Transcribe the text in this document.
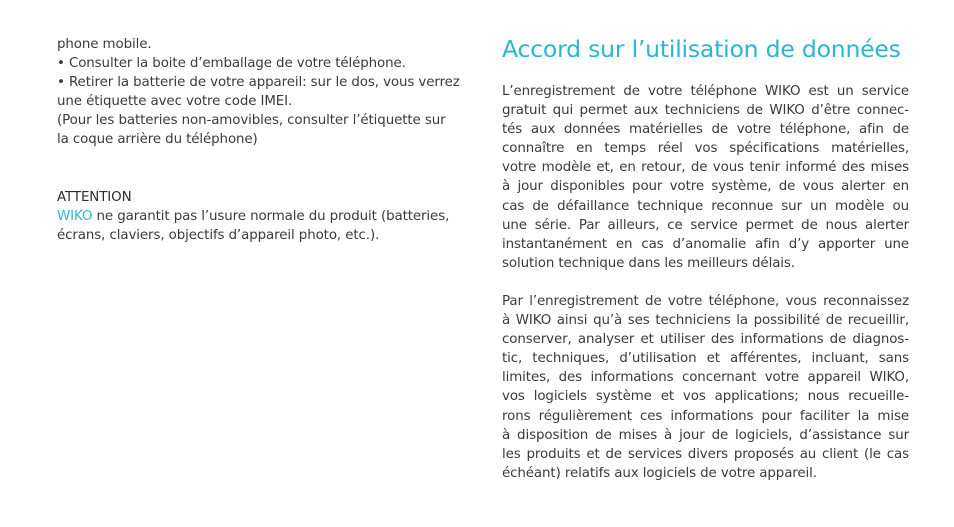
phone mobile.
• Consulter la boite d’emballage de votre téléphone.
• Retirer la batterie de votre appareil: sur le dos, vous verrez
une étiquette avec votre code IMEI.
(Pour les batteries non-amovibles, consulter l’étiquette sur
la coque arrière du téléphone)
ATTENTION
WIKO ne garantit pas l’usure normale du produit (batteries,
écrans, claviers, objectifs d’appareil photo, etc.).
Accord sur l’utilisation de données
L’enregistrement de votre téléphone WIKO est un service
gratuit qui permet aux techniciens de WIKO d’être connec-
tés aux données matérielles de votre téléphone, afin de
connaître en temps réel vos spécifications matérielles,
votre modèle et, en retour, de vous tenir informé des mises
à jour disponibles pour votre système, de vous alerter en
cas de défaillance technique reconnue sur un modèle ou
une série. Par ailleurs, ce service permet de nous alerter
instantanément en cas d’anomalie afin d’y apporter une
solution technique dans les meilleurs délais.
Par l’enregistrement de votre téléphone, vous reconnaissez
à WIKO ainsi qu’à ses techniciens la possibilité de recueillir,
conserver, analyser et utiliser des informations de diagnos-
tic, techniques, d’utilisation et afférentes, incluant, sans
limites, des informations concernant votre appareil WIKO,
vos logiciels système et vos applications; nous recueille-
rons régulièrement ces informations pour faciliter la mise
à disposition de mises à jour de logiciels, d’assistance sur
les produits et de services divers proposés au client (le cas
échéant) relatifs aux logiciels de votre appareil.
